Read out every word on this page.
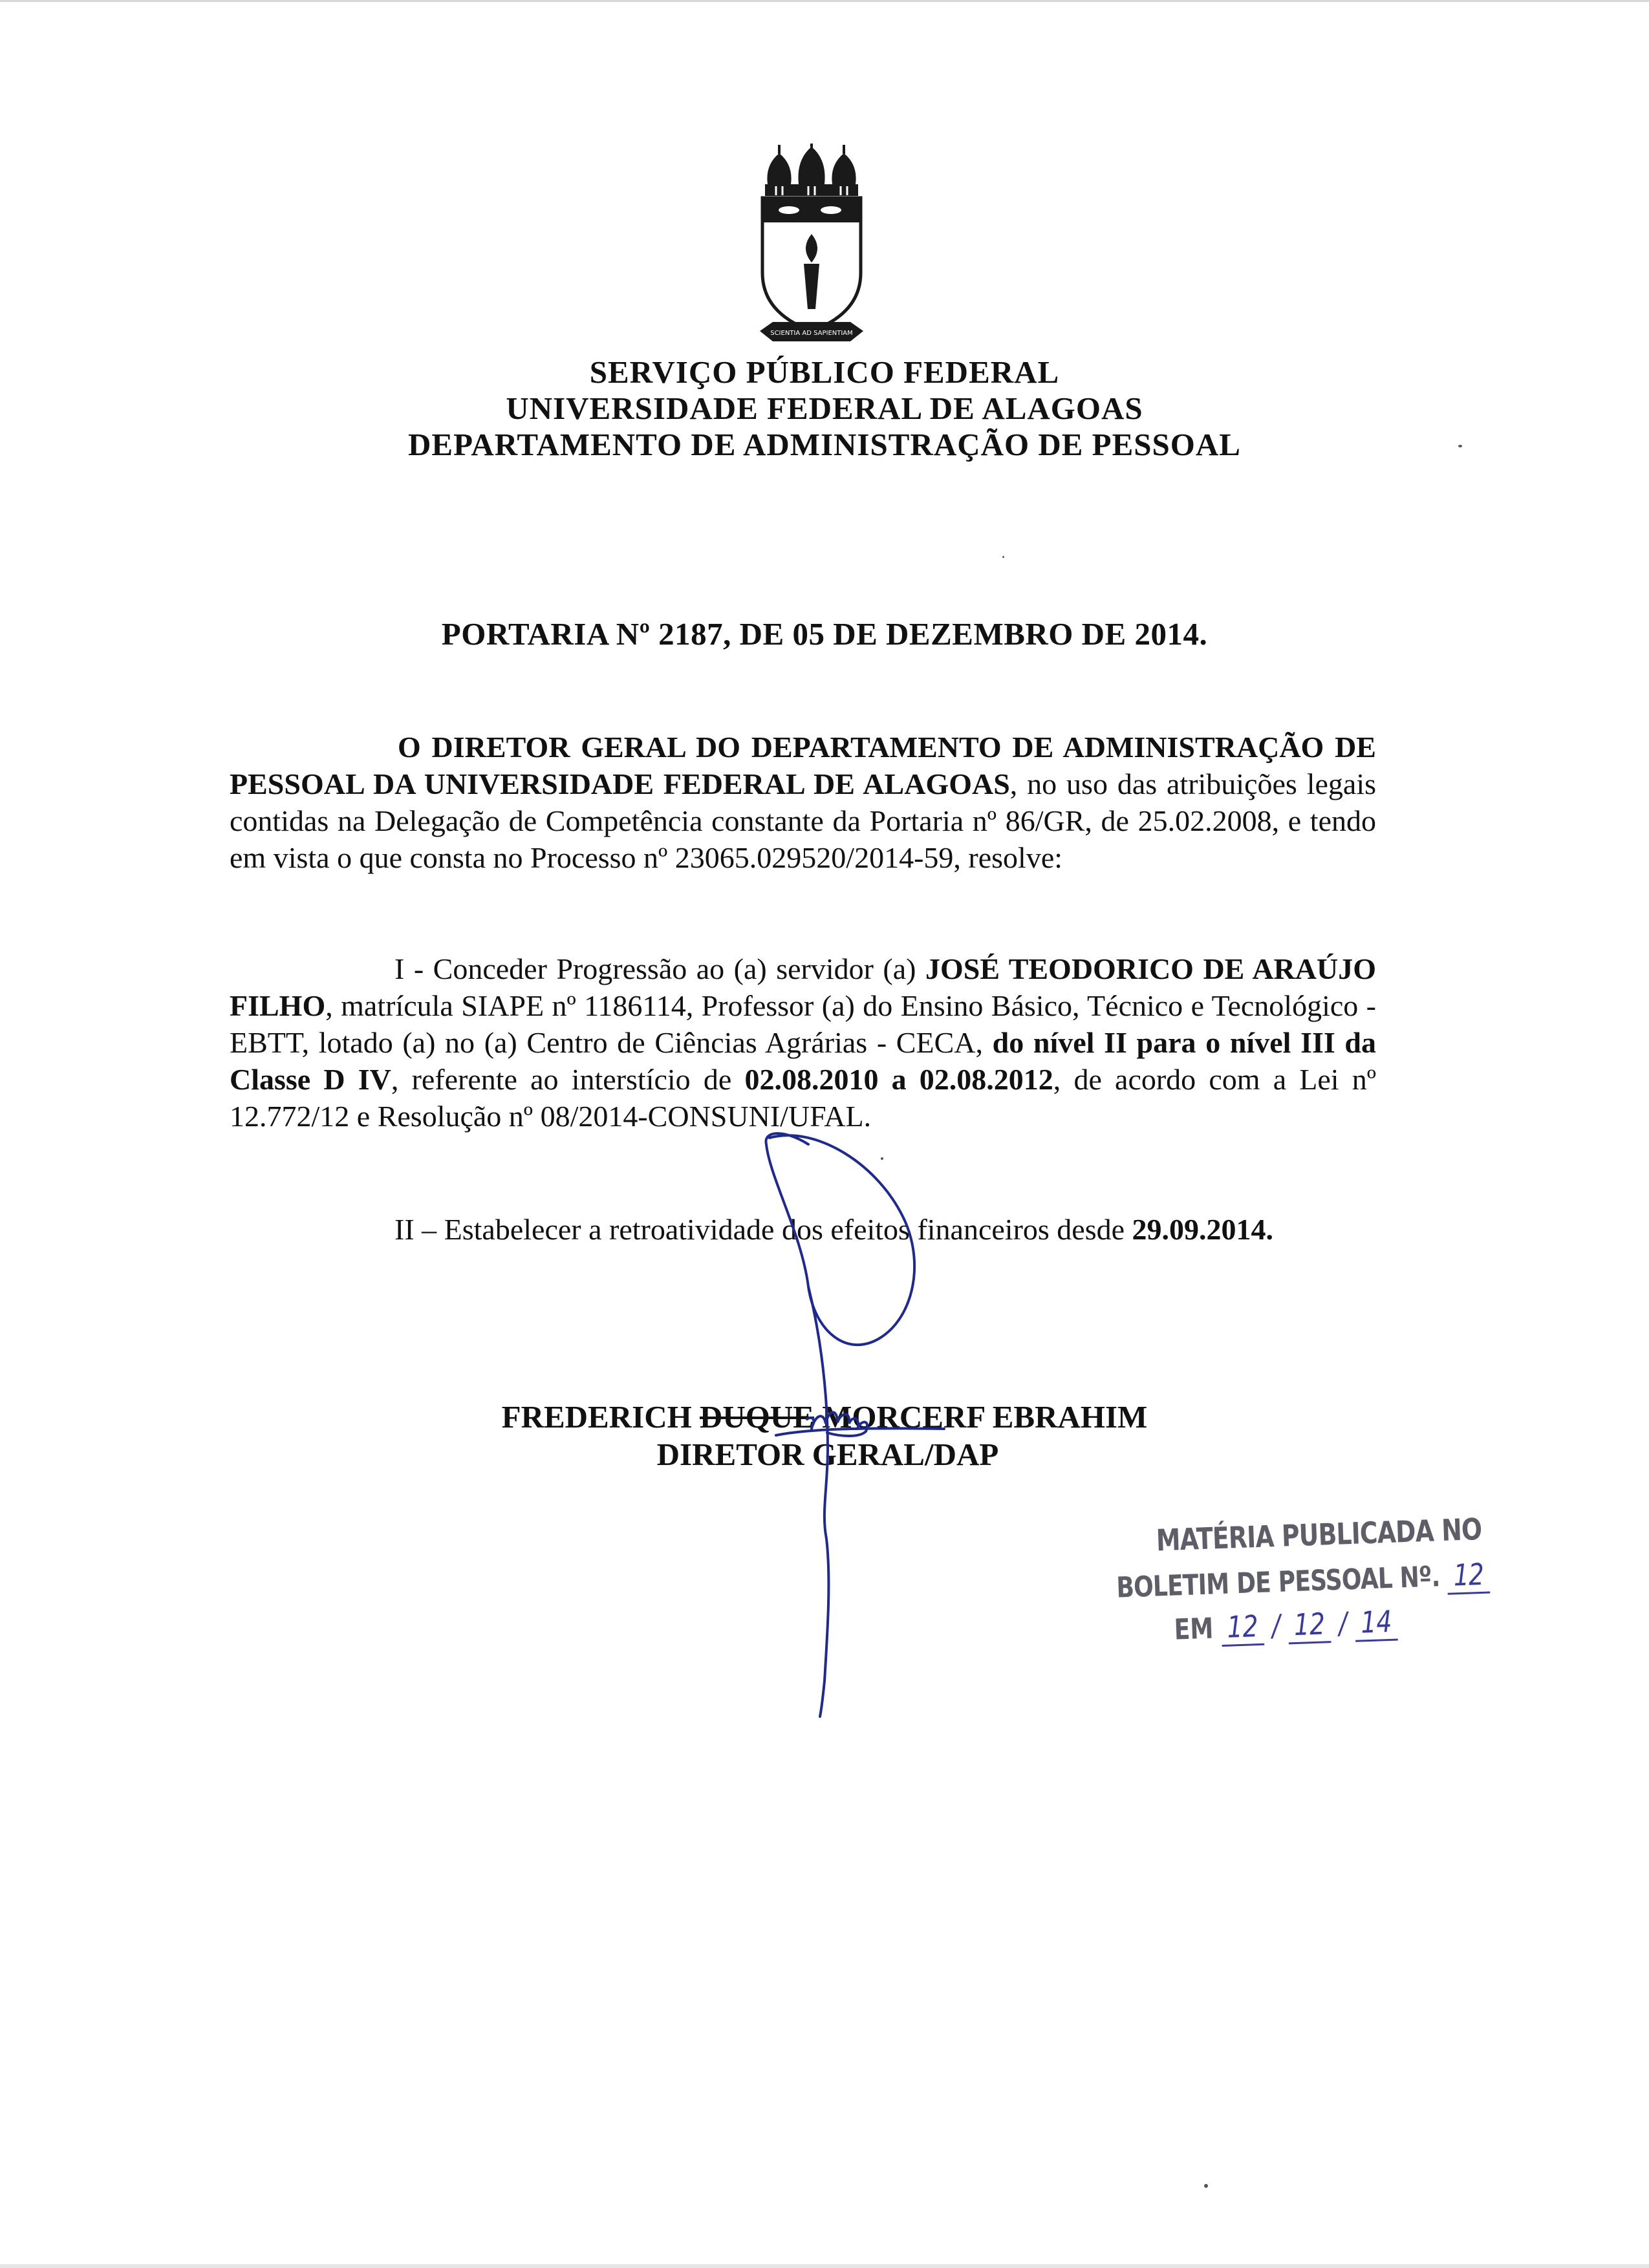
SCIENTIA AD SAPIENTIAM
SERVIÇO PÚBLICO FEDERAL
UNIVERSIDADE FEDERAL DE ALAGOAS
DEPARTAMENTO DE ADMINISTRAÇÃO DE PESSOAL
PORTARIA Nº 2187, DE 05 DE DEZEMBRO DE 2014.
O DIRETOR GERAL DO DEPARTAMENTO DE ADMINISTRAÇÃO DE PESSOAL DA UNIVERSIDADE FEDERAL DE ALAGOAS, no uso das atribuições legais contidas na Delegação de Competência constante da Portaria nº 86/GR, de 25.02.2008, e tendo em vista o que consta no Processo nº 23065.029520/2014-59, resolve:
I - Conceder Progressão ao (a) servidor (a) JOSÉ TEODORICO DE ARAÚJO FILHO, matrícula SIAPE nº 1186114, Professor (a) do Ensino Básico, Técnico e Tecnológico - EBTT, lotado (a) no (a) Centro de Ciências Agrárias - CECA, do nível II para o nível III da Classe D IV, referente ao interstício de 02.08.2010 a 02.08.2012, de acordo com a Lei nº 12.772/12 e Resolução nº 08/2014-CONSUNI/UFAL.
II – Estabelecer a retroatividade dos efeitos financeiros desde 29.09.2014.
FREDERICH DUQUE MORCERF EBRAHIM
DIRETOR GERAL/DAP
MATÉRIA PUBLICADA NO
BOLETIM DE PESSOAL Nº. 12
EM 12 / 12 / 14
